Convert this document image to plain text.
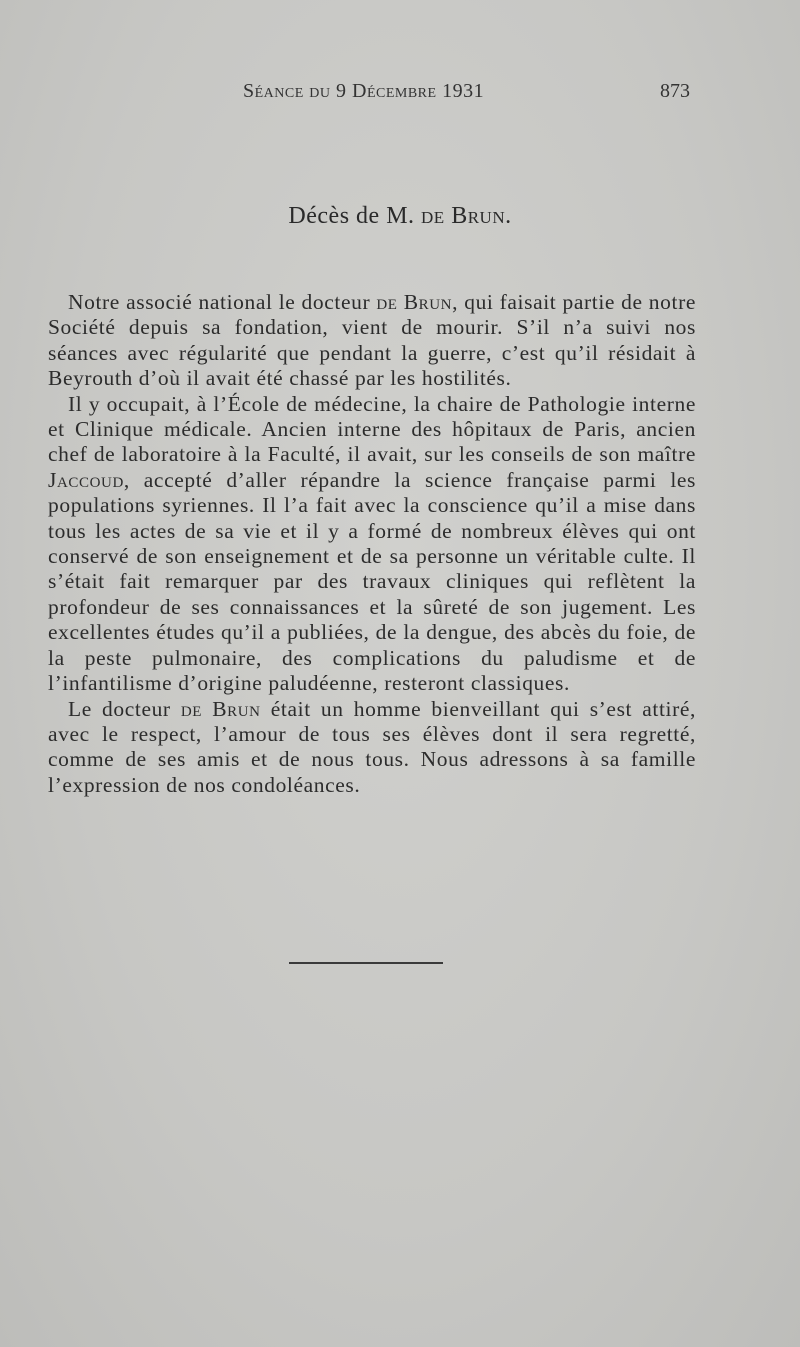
Séance du 9 Décembre 1931	873
Décès de M. de Brun.

Notre associé national le docteur de Brun, qui faisait partie de notre Société depuis sa fondation, vient de mourir. S’il n’a suivi nos séances avec régularité que pendant la guerre, c’est qu’il résidait à Beyrouth d’où il avait été chassé par les hostilités.

Il y occupait, à l’École de médecine, la chaire de Pathologie interne et Clinique médicale. Ancien interne des hôpitaux de Paris, ancien chef de laboratoire à la Faculté, il avait, sur les conseils de son maître Jaccoud, accepté d’aller répandre la science française parmi les populations syriennes. Il l’a fait avec la conscience qu’il a mise dans tous les actes de sa vie et il y a formé de nombreux élèves qui ont conservé de son enseignement et de sa personne un véritable culte. Il s’était fait remarquer par des travaux cliniques qui reflètent la profondeur de ses connaissances et la sûreté de son jugement. Les excellentes études qu’il a publiées, de la dengue, des abcès du foie, de la peste pulmonaire, des complications du paludisme et de l’infantilisme d’origine paludéenne, resteront classiques.

Le docteur de Brun était un homme bienveillant qui s’est attiré, avec le respect, l’amour de tous ses élèves dont il sera regretté, comme de ses amis et de nous tous. Nous adressons à sa famille l’expression de nos condoléances.
